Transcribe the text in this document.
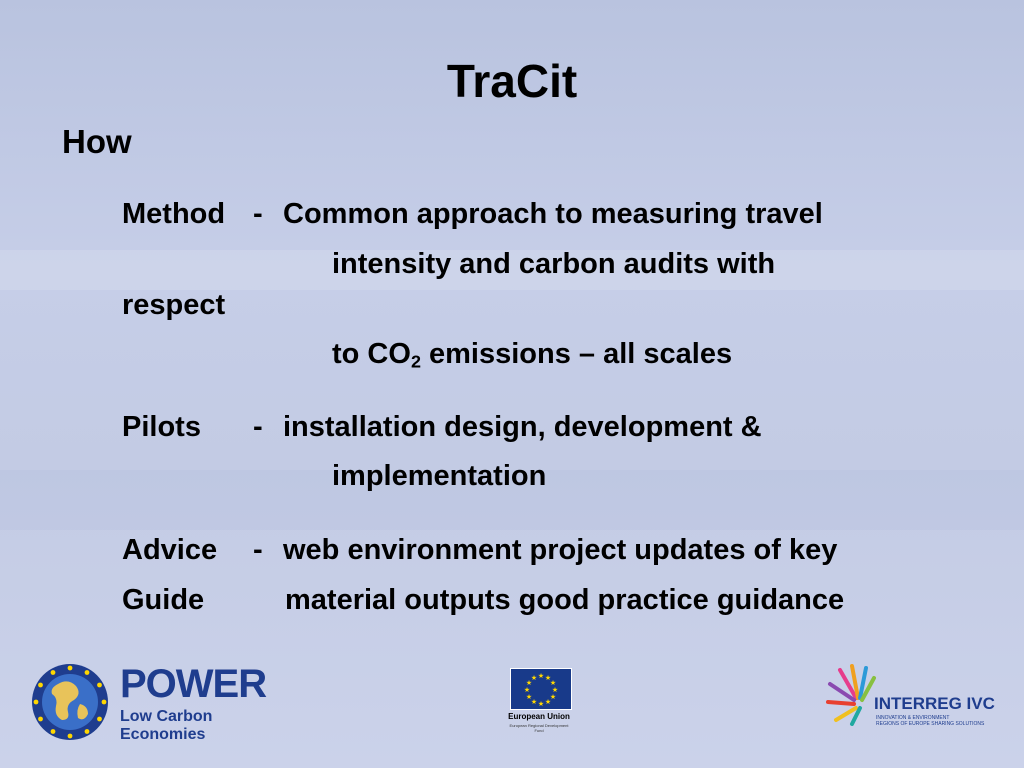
TraCit
How
Method - Common approach to measuring travel
intensity and carbon audits with
respect
to $CO_2$ emissions – all scales
Pilots - installation design, development &
implementation
Advice - web environment project updates of key
Guide	material outputs good practice guidance
POWER
Low Carbon Economies
★ ★
★
★
★
★
★
★
★
★
★
★
European Union
European Regional Development Fund
INTERREG IVC
INNOVATION & ENVIRONMENT
REGIONS OF EUROPE SHARING SOLUTIONS
